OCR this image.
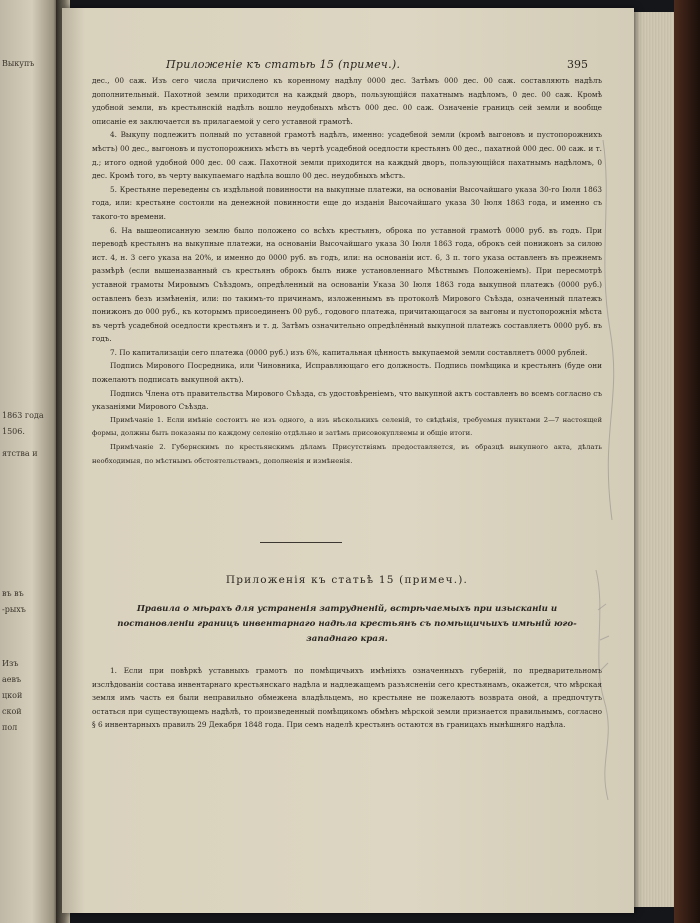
Выкупъ
1863 года
1506.
ятства и
въ въ
-рыхъ
Изъ
аевъ
цкой
ской
пол
Приложеніе къ статьѣ 15 (примеч.).	395

дес., 00 саж. Изъ сего числа причислено къ коренному надѣлу 0000 дес. Затѣмъ 000 дес. 00 саж. составляють надѣлъ дополнительный. Пахотной земли приходится на каждый дворъ, пользующійся пахатнымъ надѣломъ, 0 дес. 00 саж. Кромѣ удобной земли, въ крестьянскій надѣлъ вошло неудобныхъ мѣстъ 000 дес. 00 саж. Означеніе границъ сей земли и вообще описаніе ея заключается въ прилагаемой у сего уставной грамотѣ.

4. Выкупу подлежитъ полный по уставной грамотѣ надѣлъ, именно: усадебной земли (кромѣ выгоновъ и пустопорожнихъ мѣстъ) 00 дес., выгоновъ и пустопорожнихъ мѣстъ въ чертѣ усадебной оседлости крестьянъ 00 дес., пахатной 000 дес. 00 саж. и т. д.; итого одной удобной 000 дес. 00 саж. Пахотной земли приходится на каждый дворъ, пользующійся пахатнымъ надѣломъ, 0 дес. Кромѣ того, въ черту выкупаемаго надѣла вошло 00 дес. неудобныхъ мѣстъ.

5. Крестьяне переведены съ издѣльной повинности на выкупные платежи, на основаніи Высочайшаго указа 30-го Іюля 1863 года, или: крестьяне состояли на денежной повинности еще до изданія Высочайшаго указа 30 Іюля 1863 года, и именно съ такого-то времени.

6. На вышеописанную землю было положено со всѣхъ крестьянъ, оброка по уставной грамотѣ 0000 руб. въ годъ. При переводѣ крестьянъ на выкупные платежи, на основаніи Высочайшаго указа 30 Іюля 1863 года, оброкъ сей понижонъ за силою ист. 4, н. 3 сего указа на 20%, и именно до 0000 руб. въ годъ, или: на основаніи ист. 6, 3 п. того указа оставленъ въ прежнемъ размѣрѣ (если вышеназванный съ крестьянъ оброкъ былъ ниже установленнаго Мѣстнымъ Положеніемъ). При пересмотрѣ уставной грамоты Мировымъ Съѣздомъ, опредѣленный на основаніи Указа 30 Іюля 1863 года выкупной платежъ (0000 руб.) оставленъ безъ измѣненія, или: по такимъ-то причинамъ, изложеннымъ въ протоколѣ Мирового Съѣзда, означенный платежъ понижонъ до 000 руб., къ которымъ присоединенъ 00 руб., годового платежа, причитающагося за выгоны и пустопорожнія мѣста въ чертѣ усадебной оседлости крестьянъ и т. д. Затѣмъ означительно опредѣлённый выкупной платежъ составляетъ 0000 руб. въ годъ.

7. По капитализаціи сего платежа (0000 руб.) изъ 6%, капитальная цѣнность выкупаемой земли составляетъ 0000 рублей.

Подпись Мирового Посредника, или Чиновника, Исправляющаго его должность. Подпись помѣщика и крестьянъ (буде они пожелаютъ подписать выкупной актъ).

Подпись Члена отъ правительства Мирового Съѣзда, съ удостовѣреніемъ, что выкупной актъ составленъ во всемъ согласно съ указаніями Мирового Съѣзда.

Примѣчаніе 1. Если имѣніе состоитъ не изъ одного, а изъ нѣсколькихъ селеній, то свѣдѣнія, требуемыя пунктами 2—7 настоящей формы, должны быть показаны по каждому селенію отдѣльно и затѣмъ присовокупляемы и общіе итоги.

Примѣчаніе 2. Губернскимъ по крестьянскимъ дѣламъ Присутствіямъ предоставляется, въ образцѣ выкупного акта, дѣлать необходимыя, по мѣстнымъ обстоятельствамъ, дополненія и измѣненія.

Приложенія къ статьѣ 15 (примеч.).
Правила о мѣрахъ для устраненія затрудненій, встрѣчаемыхъ при изысканіи и постановленіи границъ инвентарнаго надѣла крестьянъ съ помѣщичьихъ имѣній юго-западнаго края.

1. Если при повѣркѣ уставныхъ грамотъ по помѣщичьихъ имѣніяхъ означенныхъ губерній, по предварительномъ изслѣдованіи состава инвентарнаго крестьянскаго надѣла и надлежащемъ разъясненіи сего крестьянамъ, окажется, что мѣрская земля имъ часть ея были неправильно обмежена владѣльцемъ, но крестьяне не пожелаютъ возврата оной, а предпочтутъ остаться при существующемъ надѣлѣ, то произведенный помѣщикомъ обмѣнъ мѣрской земли признается правильнымъ, согласно § 6 инвентарныхъ правилъ 29 Декабря 1848 года. При семъ наделѣ крестьянъ остаются въ границахъ нынѣшняго надѣла.
